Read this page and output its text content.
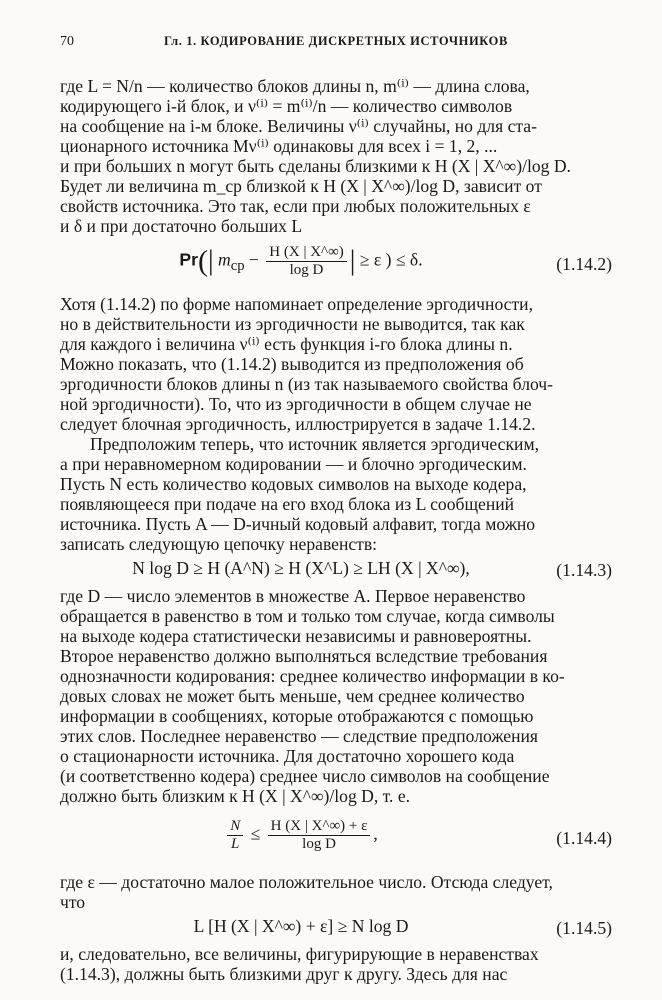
70	Гл. 1. КОДИРОВАНИЕ ДИСКРЕТНЫХ ИСТОЧНИКОВ
где L = N/n — количество блоков длины n, m⁽ⁱ⁾ — длина слова,
кодирующего i-й блок, и ν⁽ⁱ⁾ = m⁽ⁱ⁾/n — количество символов
на сообщение на i-м блоке. Величины ν⁽ⁱ⁾ случайны, но для ста-
ционарного источника Mν⁽ⁱ⁾ одинаковы для всех i = 1, 2, ...
и при больших n могут быть сделаны близкими к H (X | X^∞)/log D.
Будет ли величина m_ср близкой к H (X | X^∞)/log D, зависит от
свойств источника. Это так, если при любых положительных ε
и δ и при достаточно больших L
Pr(| $m_{ср} - \frac{H (X | X\^{}\infty)}{\text{log D}}$ | ≥ ε ) ≤ δ.	(1.14.2)
Хотя (1.14.2) по форме напоминает определение эргодичности,
но в действительности из эргодичности не выводится, так как
для каждого i величина ν⁽ⁱ⁾ есть функция i-го блока длины n.
Можно показать, что (1.14.2) выводится из предположения об
эргодичности блоков длины n (из так называемого свойства блоч-
ной эргодичности). То, что из эргодичности в общем случае не
следует блочная эргодичность, иллюстрируется в задаче 1.14.2.
Предположим теперь, что источник является эргодическим,
а при неравномерном кодировании — и блочно эргодическим.
Пусть N есть количество кодовых символов на выходе кодера,
появляющееся при подаче на его вход блока из L сообщений
источника. Пусть A — D-ичный кодовый алфавит, тогда можно
записать следующую цепочку неравенств:
N log D ≥ H (A^N) ≥ H (X^L) ≥ LH (X | X^∞),	(1.14.3)
где D — число элементов в множестве A. Первое неравенство
обращается в равенство в том и только том случае, когда символы
на выходе кодера статистически независимы и равновероятны.
Второе неравенство должно выполняться вследствие требования
однозначности кодирования: среднее количество информации в ко-
довых словах не может быть меньше, чем среднее количество
информации в сообщениях, которые отображаются с помощью
этих слов. Последнее неравенство — следствие предположения
о стационарности источника. Для достаточно хорошего кода
(и соответственно кодера) среднее число символов на сообщение
должно быть близким к H (X | X^∞)/log D, т. е.
$\frac{N}{L} \le \frac{H (X | X\^{}\infty) + \varepsilon}{\text{log D}}$ ,	(1.14.4)
где ε — достаточно малое положительное число. Отсюда следует,
что
L [H (X | X^∞) + ε] ≥ N log D	(1.14.5)
и, следовательно, все величины, фигурирующие в неравенствах
(1.14.3), должны быть близкими друг к другу. Здесь для нас
